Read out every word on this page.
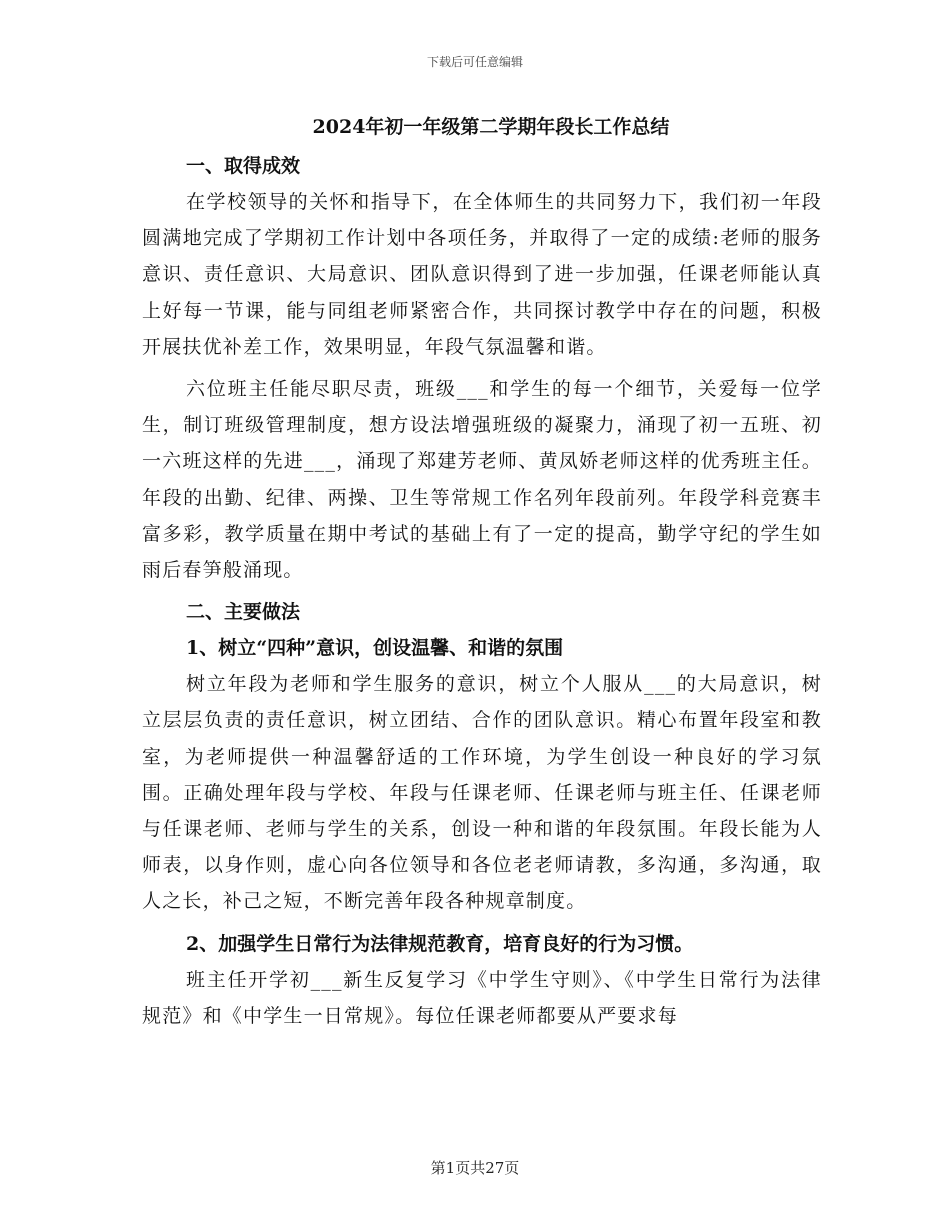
下载后可任意编辑
2024年初一年级第二学期年段长工作总结
一、取得成效

在学校领导的关怀和指导下，在全体师生的共同努力下，我们初一年段圆满地完成了学期初工作计划中各项任务，并取得了一定的成绩:老师的服务意识、责任意识、大局意识、团队意识得到了进一步加强，任课老师能认真上好每一节课，能与同组老师紧密合作，共同探讨教学中存在的问题，积极开展扶优补差工作，效果明显，年段气氛温馨和谐。

六位班主任能尽职尽责，班级___和学生的每一个细节，关爱每一位学生，制订班级管理制度，想方设法增强班级的凝聚力，涌现了初一五班、初一六班这样的先进___，涌现了郑建芳老师、黄凤娇老师这样的优秀班主任。年段的出勤、纪律、两操、卫生等常规工作名列年段前列。年段学科竞赛丰富多彩，教学质量在期中考试的基础上有了一定的提高，勤学守纪的学生如雨后春笋般涌现。

二、主要做法
1、树立“四种”意识，创设温馨、和谐的氛围

树立年段为老师和学生服务的意识，树立个人服从___的大局意识，树立层层负责的责任意识，树立团结、合作的团队意识。精心布置年段室和教室，为老师提供一种温馨舒适的工作环境，为学生创设一种良好的学习氛围。正确处理年段与学校、年段与任课老师、任课老师与班主任、任课老师与任课老师、老师与学生的关系，创设一种和谐的年段氛围。年段长能为人师表，以身作则，虚心向各位领导和各位老老师请教，多沟通，多沟通，取人之长，补己之短，不断完善年段各种规章制度。

2、加强学生日常行为法律规范教育，培育良好的行为习惯。

班主任开学初___新生反复学习《中学生守则》、《中学生日常行为法律规范》和《中学生一日常规》。每位任课老师都要从严要求每

第1页共27页
